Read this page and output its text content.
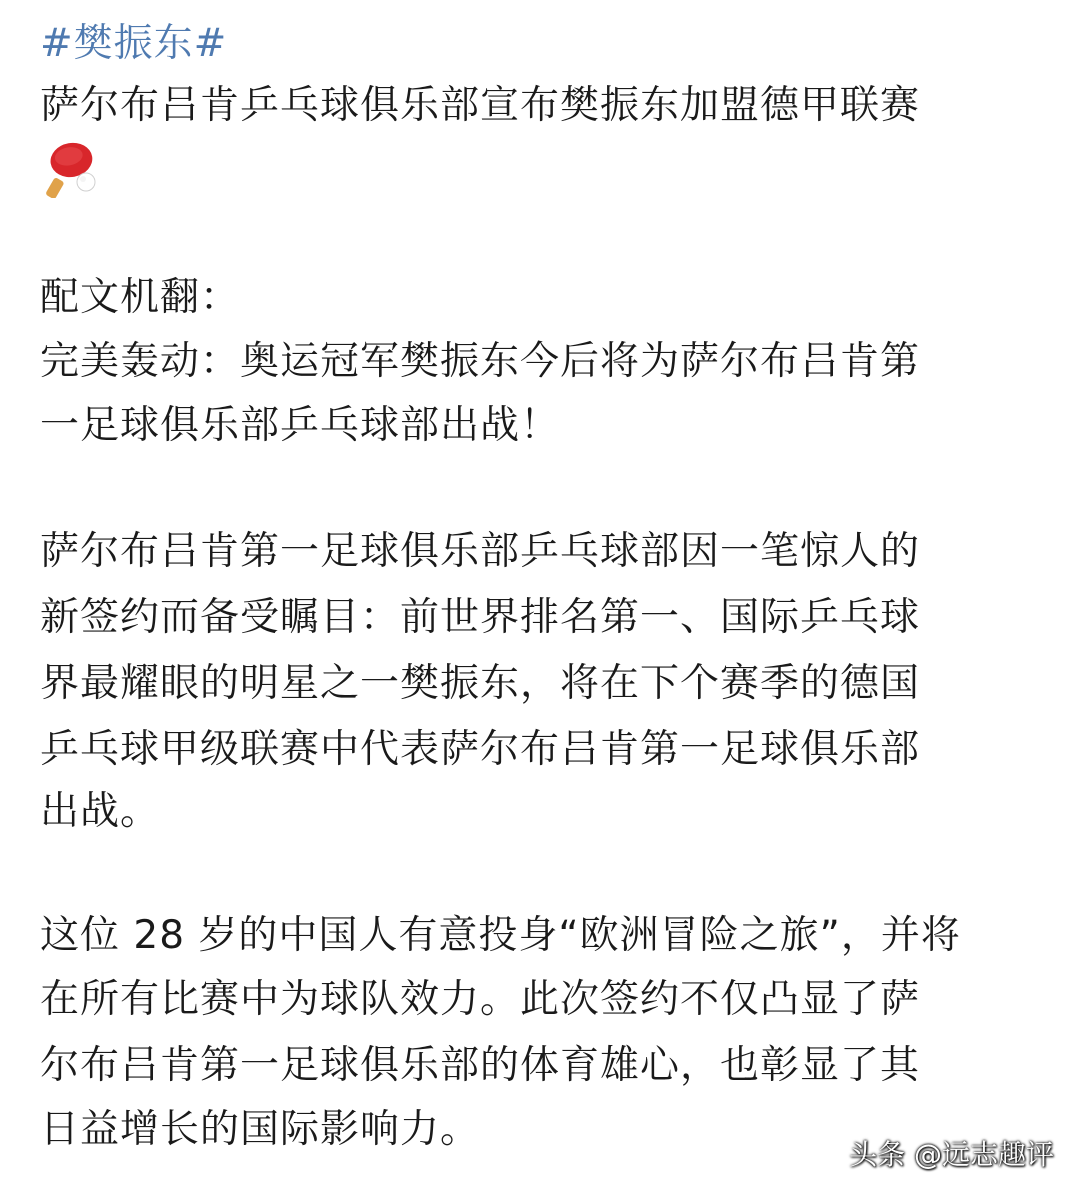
#樊振东#
萨尔布吕肯乒乓球俱乐部宣布樊振东加盟德甲联赛
配文机翻：
完美轰动：奥运冠军樊振东今后将为萨尔布吕肯第
一足球俱乐部乒乓球部出战！
萨尔布吕肯第一足球俱乐部乒乓球部因一笔惊人的
新签约而备受瞩目：前世界排名第一、国际乒乓球
界最耀眼的明星之一樊振东，将在下个赛季的德国
乒乓球甲级联赛中代表萨尔布吕肯第一足球俱乐部
出战。
这位 28 岁的中国人有意投身“欧洲冒险之旅”，并将
在所有比赛中为球队效力。此次签约不仅凸显了萨
尔布吕肯第一足球俱乐部的体育雄心，也彰显了其
日益增长的国际影响力。
头条 @远志趣评
